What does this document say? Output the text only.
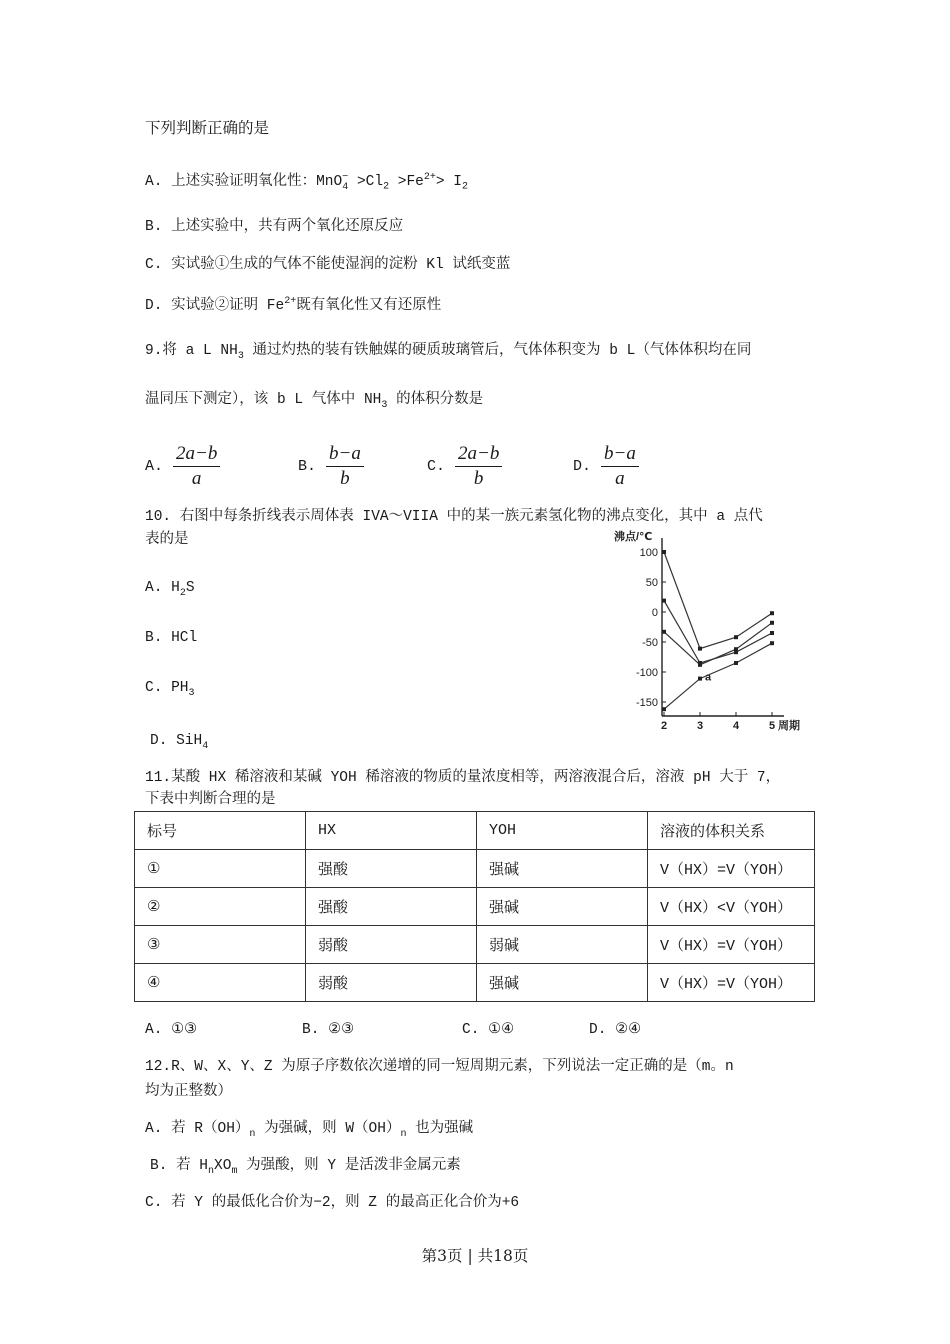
下列判断正确的是
A. 上述实验证明氧化性：$MnO_4^- >Cl_2 >Fe^{2+}> I_2$
B. 上述实验中，共有两个氧化还原反应
C. 实试验①生成的气体不能使湿润的淀粉 Kl 试纸变蓝
D. 实试验②证明 $Fe^{2+}$既有氧化性又有还原性
9.将 a L $NH_3$ 通过灼热的装有铁触媒的硬质玻璃管后，气体体积变为 b L（气体体积均在同
温同压下测定），该 b L 气体中 $NH_3$ 的体积分数是
A. $\frac{2a-b}{a}$	B. $\frac{b-a}{b}$	C. $\frac{2a-b}{b}$	D. $\frac{b-a}{a}$
10. 右图中每条折线表示周体表 IVA～VIIA 中的某一族元素氢化物的沸点变化，其中 a 点代
表的是
A. $H_2S$
B. HCl
C. $PH_3$
D. SiH$_4$
沸点/℃
100
50
0
-50
-100
-150
2	3	4	5 周期
a
11.某酸 HX 稀溶液和某碱 YOH 稀溶液的物质的量浓度相等，两溶液混合后，溶液 pH 大于 7，
下表中判断合理的是
标号	HX	YOH	溶液的体积关系
①	强酸	强碱	V（HX）=V（YOH）
②	强酸	强碱	V（HX）<V（YOH）
③	弱酸	弱碱	V（HX）=V（YOH）
④	弱酸	强碱	V（HX）=V（YOH）
A. ①③	B. ②③	C. ①④	D. ②④
12.R、W、X、Y、Z 为原子序数依次递增的同一短周期元素，下列说法一定正确的是（m。n
均为正整数）
A. 若 $R(OH)_n$ 为强碱，则 $W(OH)_n$ 也为强碱
B. 若 $H_nXO_m$ 为强酸，则 Y 是活泼非金属元素
C. 若 Y 的最低化合价为−2，则 Z 的最高正化合价为+6
第3页 | 共18页
